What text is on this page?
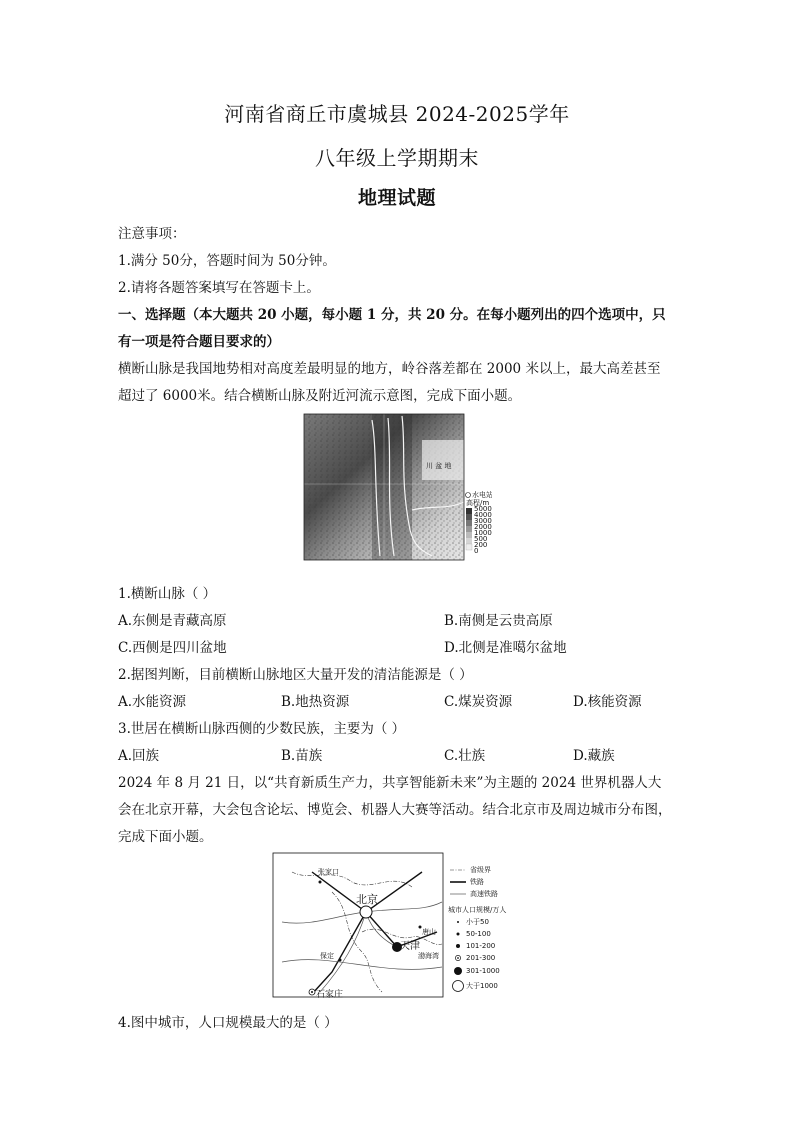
河南省商丘市虞城县 2024-2025学年
八年级上学期期末
地理试题
注意事项：
1.满分 50分，答题时间为 50分钟。
2.请将各题答案填写在答题卡上。
一、选择题（本大题共 20 小题，每小题 1 分，共 20 分。在每小题列出的四个选项中，只
有一项是符合题目要求的）
横断山脉是我国地势相对高度差最明显的地方，岭谷落差都在 2000 米以上，最大高差甚至
超过了 6000米。结合横断山脉及附近河流示意图，完成下面小题。
川 盆 地
水电站
高程/m
5000
4000
3000
2000
1000
500
200
0
1.横断山脉（ ）
A.东侧是青藏高原	B.南侧是云贵高原
C.西侧是四川盆地	D.北侧是准噶尔盆地
2.据图判断，目前横断山脉地区大量开发的清洁能源是（ ）
A.水能资源	B.地热资源	C.煤炭资源	D.核能资源
3.世居在横断山脉西侧的少数民族，主要为（ ）
A.回族	B.苗族	C.壮族	D.藏族
2024 年 8 月 21 日，以“共育新质生产力，共享智能新未来”为主题的 2024 世界机器人大
会在北京开幕，大会包含论坛、博览会、机器人大赛等活动。结合北京市及周边城市分布图，
完成下面小题。
张家口
北京
天津
保定
唐山
渤海湾
石家庄
省级界
铁路
高速铁路
城市人口规模/万人
小于50
50-100
101-200
201-300
301-1000
大于1000
4.图中城市，人口规模最大的是（ ）
